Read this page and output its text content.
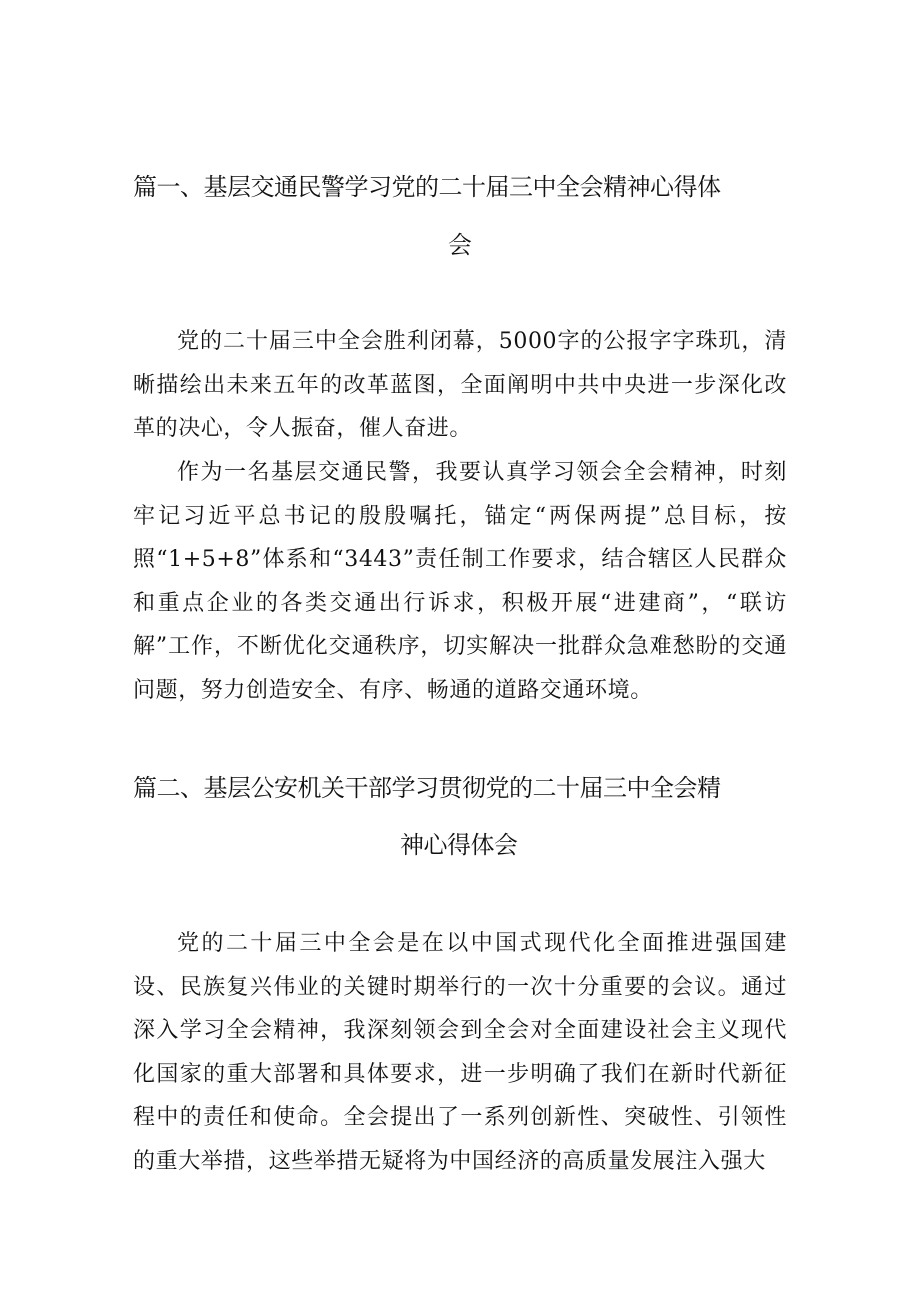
篇一、基层交通民警学习党的二十届三中全会精神心得体
会

党的二十届三中全会胜利闭幕，5000字的公报字字珠玑，清晰描绘出未来五年的改革蓝图，全面阐明中共中央进一步深化改革的决心，令人振奋，催人奋进。

作为一名基层交通民警，我要认真学习领会全会精神，时刻牢记习近平总书记的殷殷嘱托，锚定“两保两提”总目标，按照“1+5+8”体系和“3443”责任制工作要求，结合辖区人民群众和重点企业的各类交通出行诉求，积极开展“进建商”，“联访解”工作，不断优化交通秩序，切实解决一批群众急难愁盼的交通问题，努力创造安全、有序、畅通的道路交通环境。

篇二、基层公安机关干部学习贯彻党的二十届三中全会精
神心得体会

党的二十届三中全会是在以中国式现代化全面推进强国建设、民族复兴伟业的关键时期举行的一次十分重要的会议。通过深入学习全会精神，我深刻领会到全会对全面建设社会主义现代化国家的重大部署和具体要求，进一步明确了我们在新时代新征程中的责任和使命。全会提出了一系列创新性、突破性、引领性的重大举措，这些举措无疑将为中国经济的高质量发展注入强大
